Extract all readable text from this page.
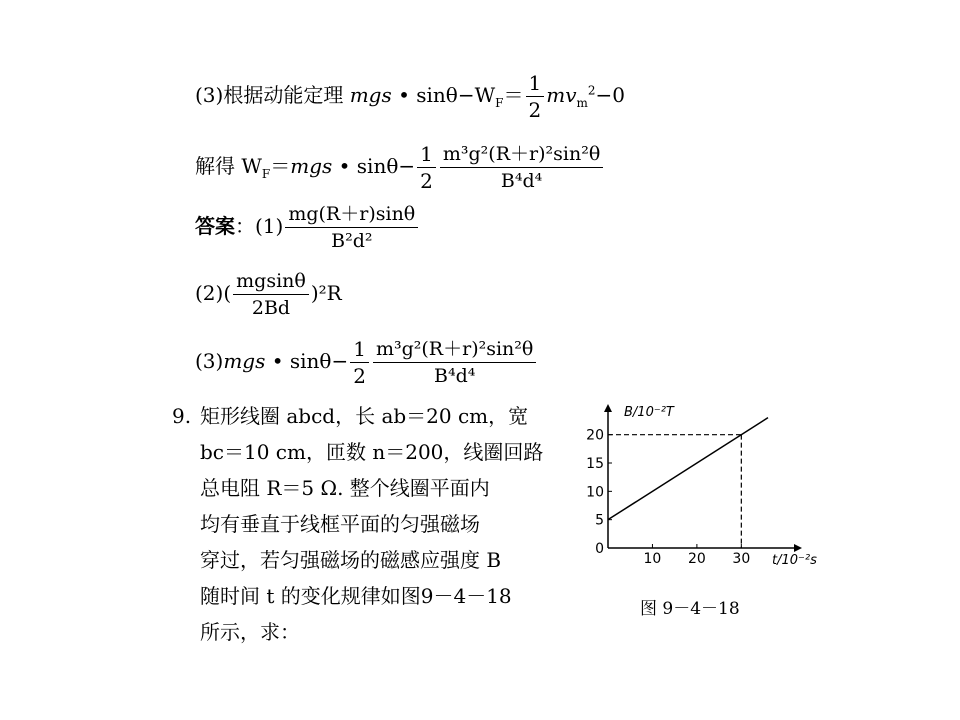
(3)根据动能定理 mgs • $\sin\theta-W_F= \frac{1}{2} mv_m^2-0$
解得 $W_F=mgs$ • $\sin\theta- \frac{1}{2} \frac{\text{m³g²(R＋r)²sin²θ}}{\text{B⁴d⁴}}$
答案：$(1) \frac{mg(R+r)\sin\theta}{\text{B²d²}}$
$(2)( \frac{mgsin\theta}{2Bd} )^2R$
(3)mgs • $\sin\theta- \frac{1}{2} \frac{\text{m³g²(R＋r)²sin²θ}}{\text{B⁴d⁴}}$
9. 矩形线圈 abcd，长 ab＝20 cm，宽
bc＝10 cm，匝数 n＝200，线圈回路
总电阻 R＝5 Ω. 整个线圈平面内
均有垂直于线框平面的匀强磁场
穿过，若匀强磁场的磁感应强度 B
随时间 t 的变化规律如图9－4－18
所示，求：
B/10⁻²T
t/10⁻²s
10 20 30
0
5
10
15
20
图 9－4－18
